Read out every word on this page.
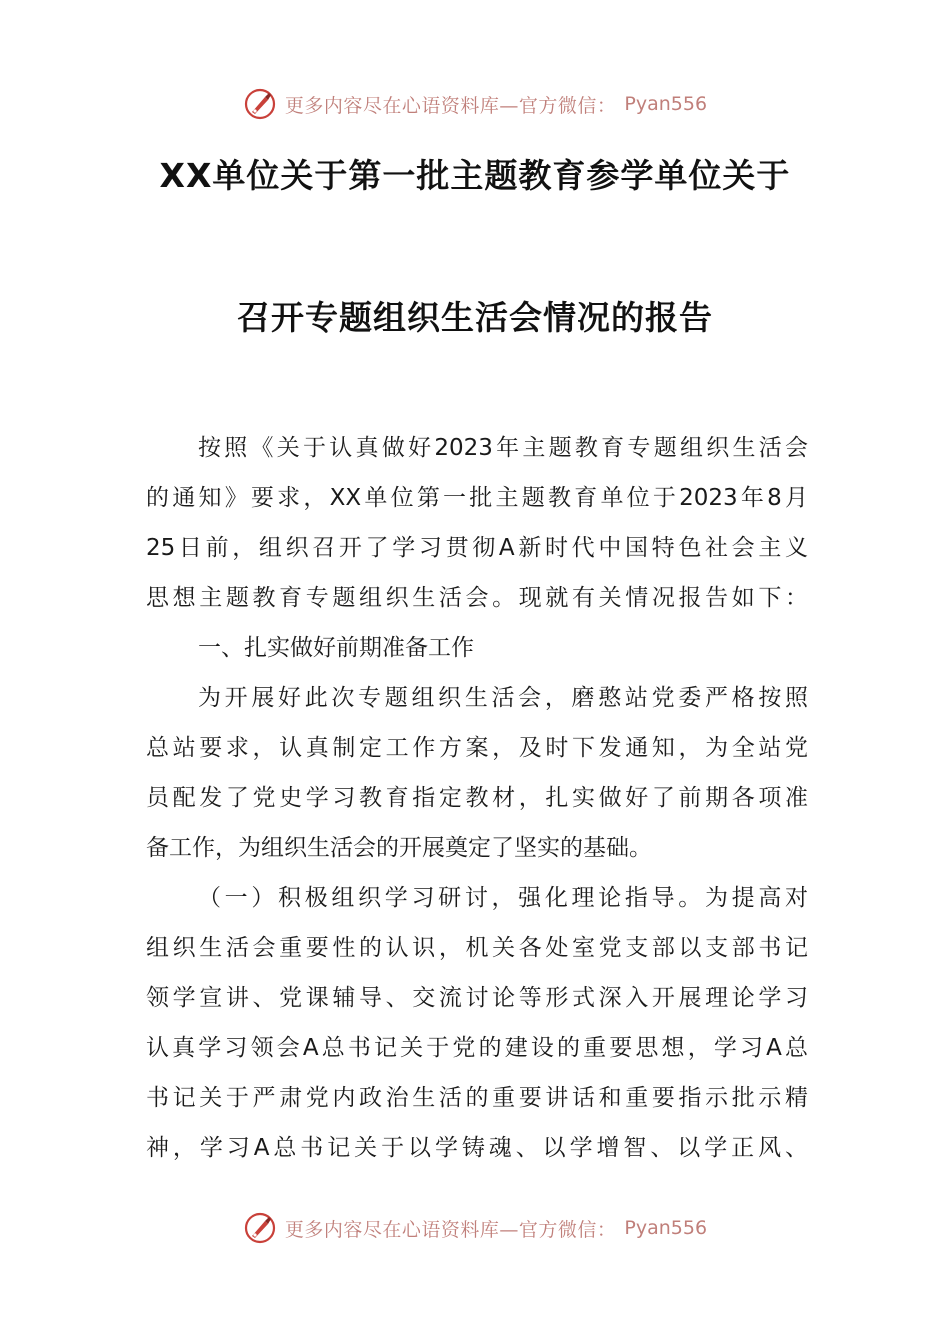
更多内容尽在心语资料库—官方微信： Pyan556
XX单位关于第一批主题教育参学单位关于
召开专题组织生活会情况的报告
按照《关于认真做好2023年主题教育专题组织生活会
的通知》要求，XX单位第一批主题教育单位于2023年8月
25日前，组织召开了学习贯彻A新时代中国特色社会主义
思想主题教育专题组织生活会。现就有关情况报告如下：
一、扎实做好前期准备工作
为开展好此次专题组织生活会，磨憨站党委严格按照
总站要求，认真制定工作方案，及时下发通知，为全站党
员配发了党史学习教育指定教材，扎实做好了前期各项准
备工作，为组织生活会的开展奠定了坚实的基础。
（一）积极组织学习研讨，强化理论指导。为提高对
组织生活会重要性的认识，机关各处室党支部以支部书记
领学宣讲、党课辅导、交流讨论等形式深入开展理论学习
认真学习领会A总书记关于党的建设的重要思想，学习A总
书记关于严肃党内政治生活的重要讲话和重要指示批示精
神，学习A总书记关于以学铸魂、以学增智、以学正风、
更多内容尽在心语资料库—官方微信： Pyan556
